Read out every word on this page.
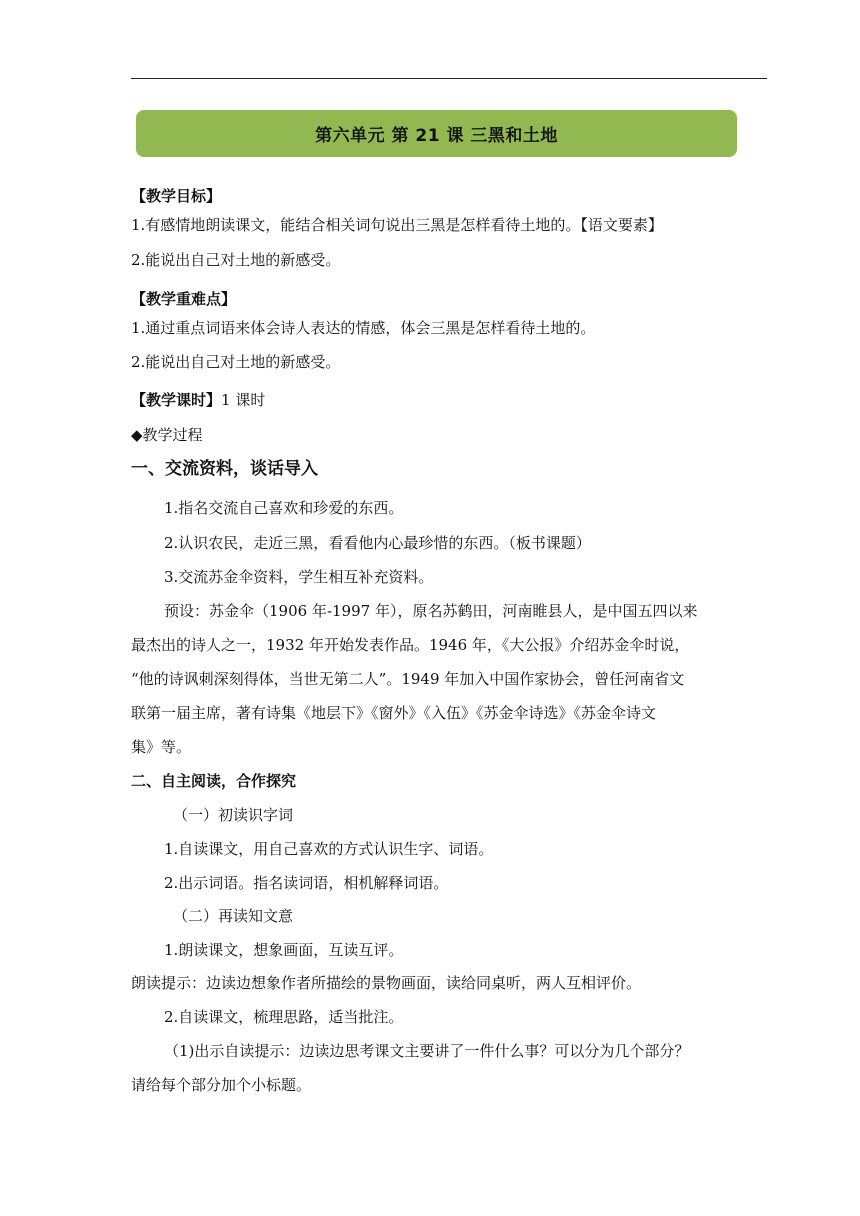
第六单元 第 21 课 三黑和土地
【教学目标】
1.有感情地朗读课文，能结合相关词句说出三黑是怎样看待土地的。【语文要素】
2.能说出自己对土地的新感受。
【教学重难点】
1.通过重点词语来体会诗人表达的情感，体会三黑是怎样看待土地的。
2.能说出自己对土地的新感受。
【教学课时】1 课时
◆教学过程
一、交流资料，谈话导入
1.指名交流自己喜欢和珍爱的东西。
2.认识农民，走近三黑，看看他内心最珍惜的东西。（板书课题）
3.交流苏金伞资料，学生相互补充资料。
预设：苏金伞（1906 年-1997 年），原名苏鹤田，河南睢县人，是中国五四以来
最杰出的诗人之一，1932 年开始发表作品。1946 年，《大公报》介绍苏金伞时说，
“他的诗讽刺深刻得体，当世无第二人”。1949 年加入中国作家协会，曾任河南省文
联第一届主席，著有诗集《地层下》《窗外》《入伍》《苏金伞诗选》《苏金伞诗文
集》等。
二、自主阅读，合作探究
（一）初读识字词
1.自读课文，用自己喜欢的方式认识生字、词语。
2.出示词语。指名读词语，相机解释词语。
（二）再读知文意
1.朗读课文，想象画面，互读互评。
朗读提示：边读边想象作者所描绘的景物画面，读给同桌听，两人互相评价。
2.自读课文，梳理思路，适当批注。
（1)出示自读提示：边读边思考课文主要讲了一件什么事？可以分为几个部分？
请给每个部分加个小标题。
